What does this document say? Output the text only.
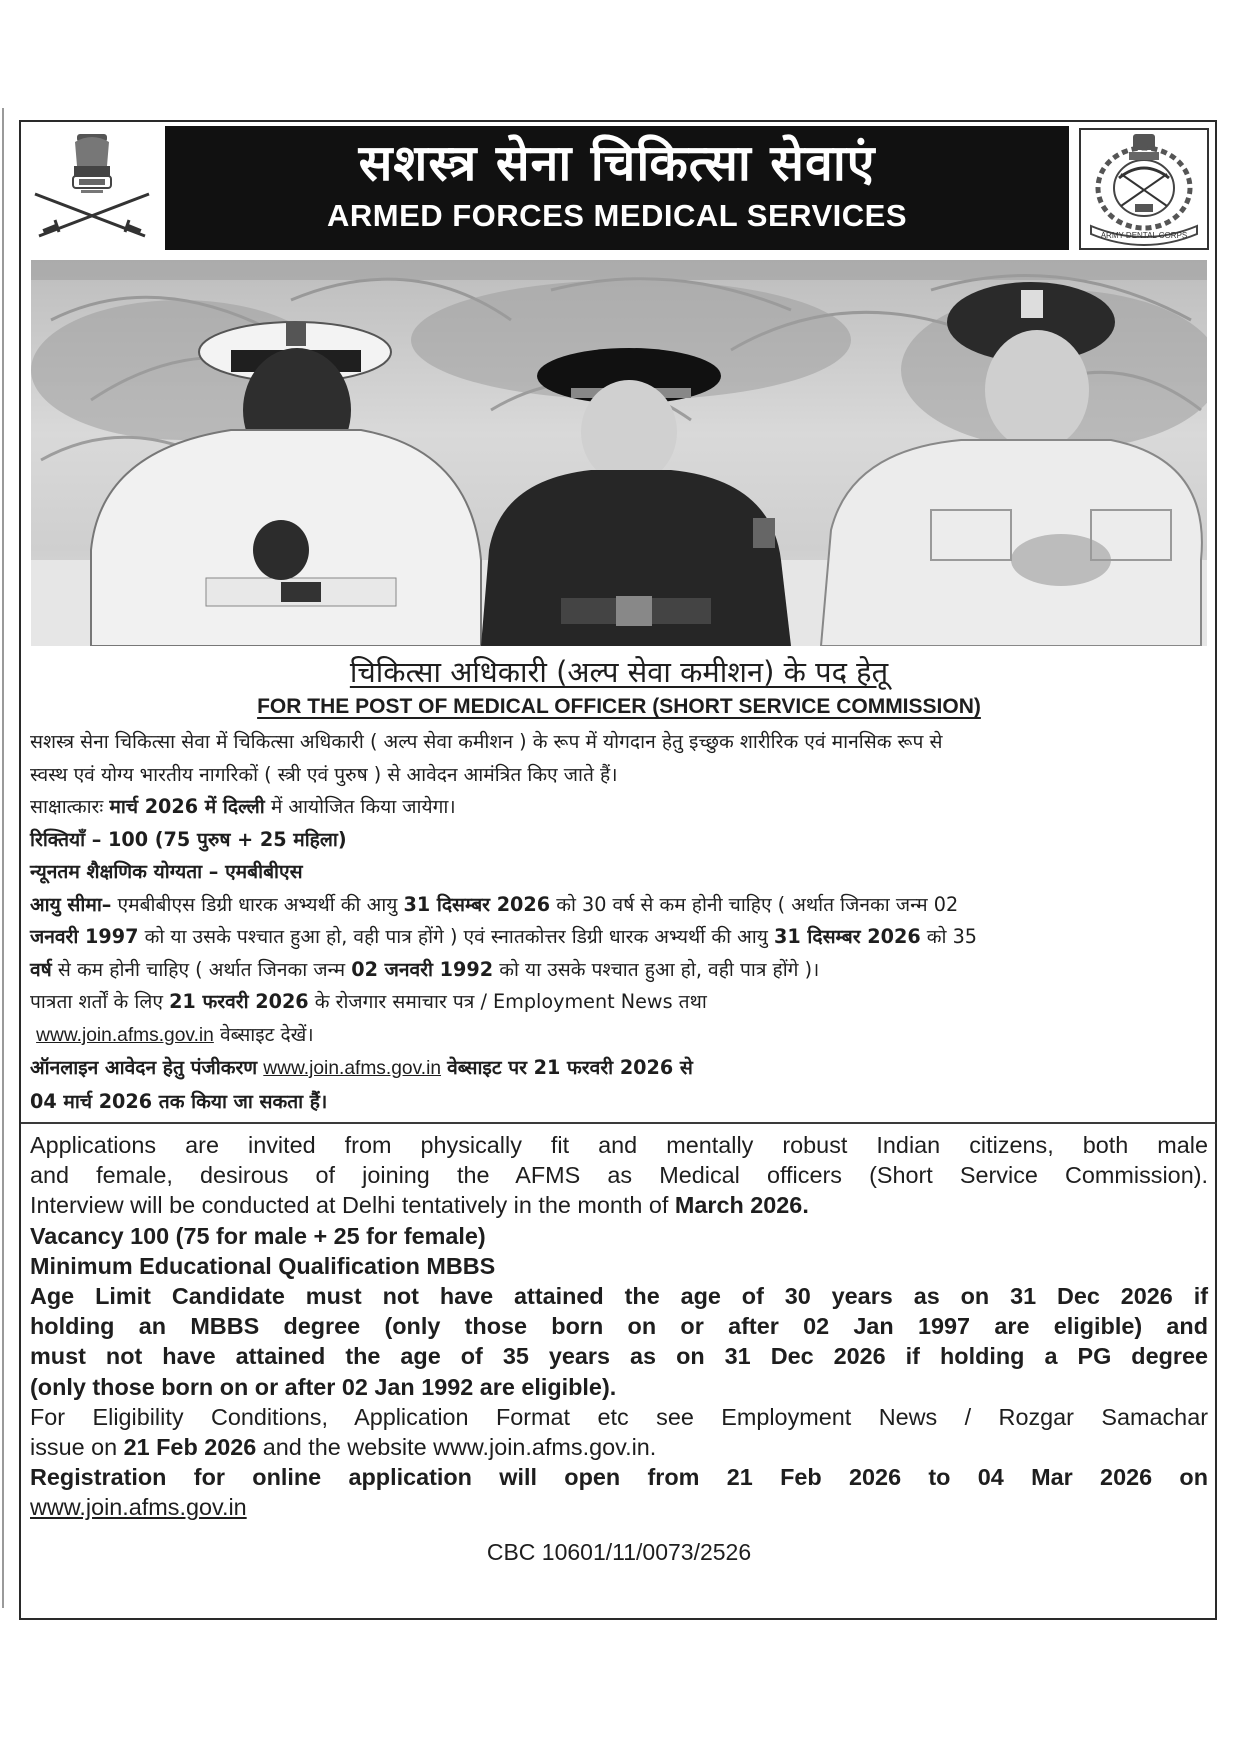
सशस्त्र सेना चिकित्सा सेवाएं
ARMED FORCES MEDICAL SERVICES
ARMY DENTAL CORPS
चिकित्सा अधिकारी (अल्प सेवा कमीशन) के पद हेतू
FOR THE POST OF MEDICAL OFFICER (SHORT SERVICE COMMISSION)
सशस्त्र सेना चिकित्सा सेवा में चिकित्सा अधिकारी ( अल्प सेवा कमीशन ) के रूप में योगदान हेतु इच्छुक शारीरिक एवं मानसिक रूप से
स्वस्थ एवं योग्य भारतीय नागरिकों ( स्त्री एवं पुरुष ) से आवेदन आमंत्रित किए जाते हैं।
साक्षात्कारः मार्च 2026 में दिल्ली में आयोजित किया जायेगा।
रिक्तियाँ – 100 (75 पुरुष + 25 महिला)
न्यूनतम शैक्षणिक योग्यता – एमबीबीएस
आयु सीमा– एमबीबीएस डिग्री धारक अभ्यर्थी की आयु 31 दिसम्बर 2026 को 30 वर्ष से कम होनी चाहिए ( अर्थात जिनका जन्म 02
जनवरी 1997 को या उसके पश्चात हुआ हो, वही पात्र होंगे ) एवं स्नातकोत्तर डिग्री धारक अभ्यर्थी की आयु 31 दिसम्बर 2026 को 35
वर्ष से कम होनी चाहिए ( अर्थात जिनका जन्म 02 जनवरी 1992 को या उसके पश्चात हुआ हो, वही पात्र होंगे )।
पात्रता शर्तों के लिए 21 फरवरी 2026 के रोजगार समाचार पत्र / Employment News तथा
www.join.afms.gov.in वेब्साइट देखें।
ऑनलाइन आवेदन हेतु पंजीकरण www.join.afms.gov.in वेब्साइट पर 21 फरवरी 2026 से
04 मार्च 2026 तक किया जा सकता हैं।
Applications are invited from physically fit and mentally robust Indian citizens, both male
and female, desirous of joining the AFMS as Medical officers (Short Service Commission).
Interview will be conducted at Delhi tentatively in the month of March 2026.
Vacancy 100 (75 for male + 25 for female)
Minimum Educational Qualification MBBS
Age Limit Candidate must not have attained the age of 30 years as on 31 Dec 2026 if
holding an MBBS degree (only those born on or after 02 Jan 1997 are eligible) and
must not have attained the age of 35 years as on 31 Dec 2026 if holding a PG degree
(only those born on or after 02 Jan 1992 are eligible).
For Eligibility Conditions, Application Format etc see Employment News / Rozgar Samachar
issue on 21 Feb 2026 and the website www.join.afms.gov.in.
Registration for online application will open from 21 Feb 2026 to 04 Mar 2026 on
www.join.afms.gov.in
CBC 10601/11/0073/2526
